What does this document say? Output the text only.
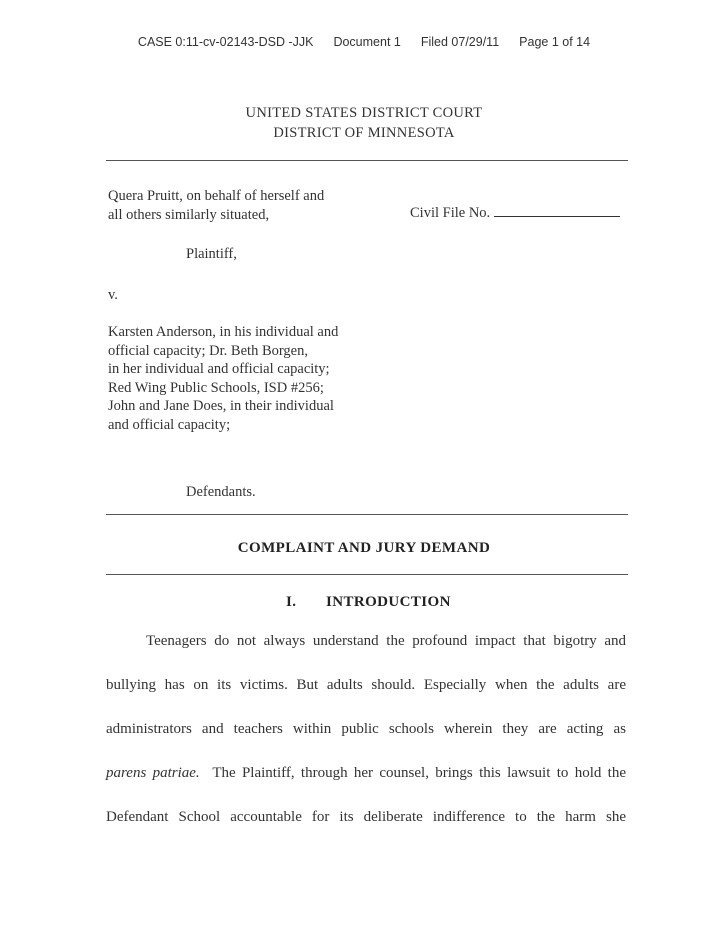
CASE 0:11-cv-02143-DSD -JJK Document 1 Filed 07/29/11 Page 1 of 14
UNITED STATES DISTRICT COURT
DISTRICT OF MINNESOTA
Quera Pruitt, on behalf of herself and
all others similarly situated,	Civil File No.
Plaintiff,
v.
Karsten Anderson, in his individual and
official capacity; Dr. Beth Borgen,
in her individual and official capacity;
Red Wing Public Schools, ISD #256;
John and Jane Does, in their individual
and official capacity;
Defendants.
COMPLAINT AND JURY DEMAND
I. INTRODUCTION
Teenagers do not always understand the profound impact that bigotry and
bullying has on its victims. But adults should. Especially when the adults are
administrators and teachers within public schools wherein they are acting as
parens patriae. The Plaintiff, through her counsel, brings this lawsuit to hold the
Defendant School accountable for its deliberate indifference to the harm she
